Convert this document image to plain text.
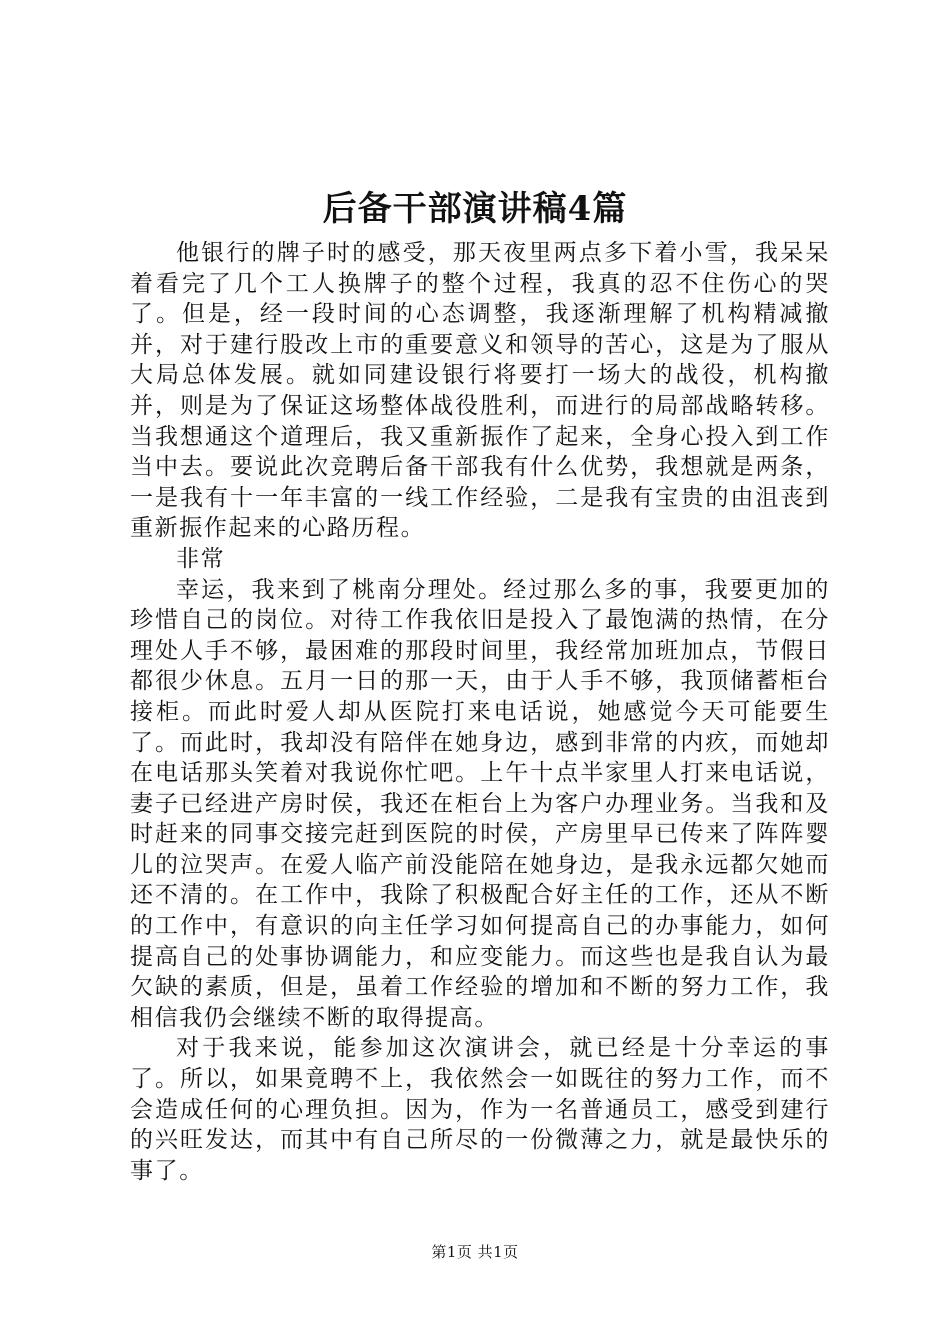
后备干部演讲稿4篇

他银行的牌子时的感受，那天夜里两点多下着小雪，我呆呆着看完了几个工人换牌子的整个过程，我真的忍不住伤心的哭了。但是，经一段时间的心态调整，我逐渐理解了机构精减撤并，对于建行股改上市的重要意义和领导的苦心，这是为了服从大局总体发展。就如同建设银行将要打一场大的战役，机构撤并，则是为了保证这场整体战役胜利，而进行的局部战略转移。当我想通这个道理后，我又重新振作了起来，全身心投入到工作当中去。要说此次竞聘后备干部我有什么优势，我想就是两条，一是我有十一年丰富的一线工作经验，二是我有宝贵的由沮丧到重新振作起来的心路历程。

非常

幸运，我来到了桃南分理处。经过那么多的事，我要更加的珍惜自己的岗位。对待工作我依旧是投入了最饱满的热情，在分理处人手不够，最困难的那段时间里，我经常加班加点，节假日都很少休息。五月一日的那一天，由于人手不够，我顶储蓄柜台接柜。而此时爱人却从医院打来电话说，她感觉今天可能要生了。而此时，我却没有陪伴在她身边，感到非常的内疚，而她却在电话那头笑着对我说你忙吧。上午十点半家里人打来电话说，妻子已经进产房时侯，我还在柜台上为客户办理业务。当我和及时赶来的同事交接完赶到医院的时侯，产房里早已传来了阵阵婴儿的泣哭声。在爱人临产前没能陪在她身边，是我永远都欠她而还不清的。在工作中，我除了积极配合好主任的工作，还从不断的工作中，有意识的向主任学习如何提高自己的办事能力，如何提高自己的处事协调能力，和应变能力。而这些也是我自认为最欠缺的素质，但是，虽着工作经验的增加和不断的努力工作，我相信我仍会继续不断的取得提高。

对于我来说，能参加这次演讲会，就已经是十分幸运的事了。所以，如果竟聘不上，我依然会一如既往的努力工作，而不会造成任何的心理负担。因为，作为一名普通员工，感受到建行的兴旺发达，而其中有自己所尽的一份微薄之力，就是最快乐的事了。

第1页 共1页
